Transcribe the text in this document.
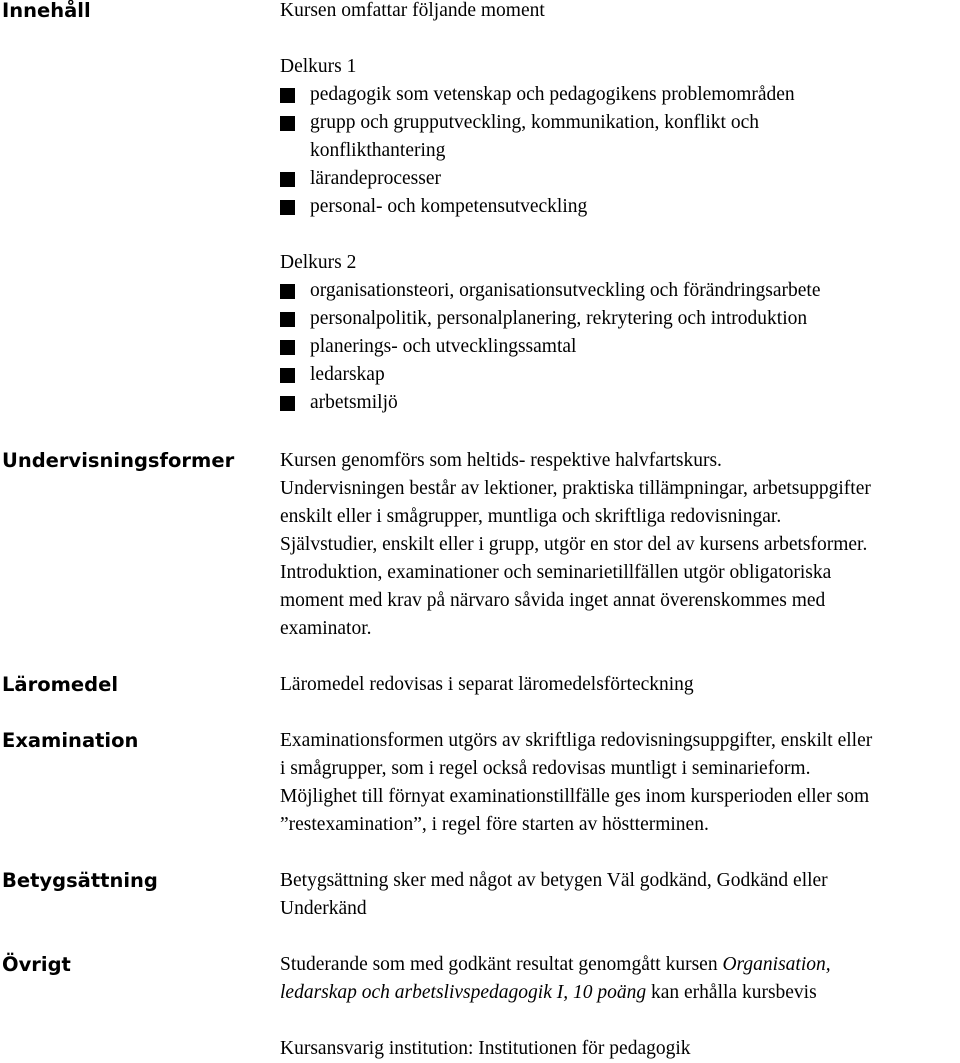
Innehåll
Undervisningsformer
Läromedel
Examination
Betygsättning
Övrigt
Kursen omfattar följande moment
Delkurs 1
pedagogik som vetenskap och pedagogikens problemområden
grupp och grupputveckling, kommunikation, konflikt och konflikthantering
lärandeprocesser
personal- och kompetensutveckling
Delkurs 2
organisationsteori, organisationsutveckling och förändringsarbete
personalpolitik, personalplanering, rekrytering och introduktion
planerings- och utvecklingssamtal
ledarskap
arbetsmiljö
Kursen genomförs som heltids- respektive halvfartskurs.
Undervisningen består av lektioner, praktiska tillämpningar, arbetsuppgifter
enskilt eller i smågrupper, muntliga och skriftliga redovisningar.
Självstudier, enskilt eller i grupp, utgör en stor del av kursens arbetsformer.
Introduktion, examinationer och seminarietillfällen utgör obligatoriska
moment med krav på närvaro såvida inget annat överenskommes med
examinator.
Läromedel redovisas i separat läromedelsförteckning
Examinationsformen utgörs av skriftliga redovisningsuppgifter, enskilt eller
i smågrupper, som i regel också redovisas muntligt i seminarieform.
Möjlighet till förnyat examinationstillfälle ges inom kursperioden eller som
”restexamination”, i regel före starten av höstterminen.
Betygsättning sker med något av betygen Väl godkänd, Godkänd eller
Underkänd
Studerande som med godkänt resultat genomgått kursen Organisation,
ledarskap och arbetslivspedagogik I, 10 poäng kan erhålla kursbevis
Kursansvarig institution: Institutionen för pedagogik
